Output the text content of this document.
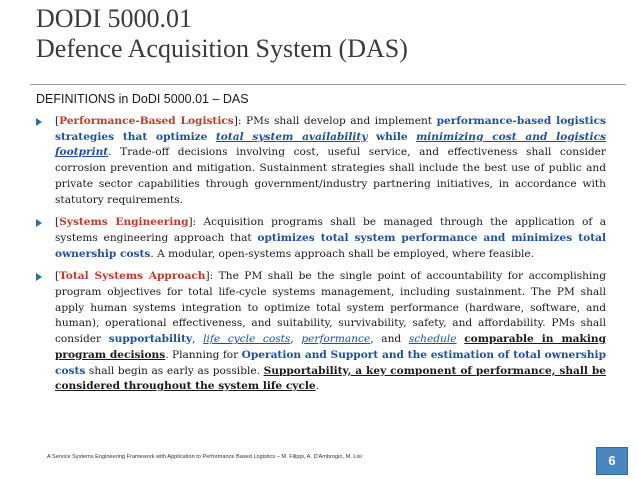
DODI 5000.01
Defence Acquisition System (DAS)
DEFINITIONS in DoDI 5000.01 – DAS
[Performance-Based Logistics]: PMs shall develop and implement performance-based logistics strategies that optimize total system availability while minimizing cost and logistics footprint. Trade-off decisions involving cost, useful service, and effectiveness shall consider corrosion prevention and mitigation. Sustainment strategies shall include the best use of public and private sector capabilities through government/industry partnering initiatives, in accordance with statutory requirements.
[Systems Engineering]: Acquisition programs shall be managed through the application of a systems engineering approach that optimizes total system performance and minimizes total ownership costs. A modular, open-systems approach shall be employed, where feasible.
[Total Systems Approach]: The PM shall be the single point of accountability for accomplishing program objectives for total life-cycle systems management, including sustainment. The PM shall apply human systems integration to optimize total system performance (hardware, software, and human), operational effectiveness, and suitability, survivability, safety, and affordability. PMs shall consider supportability, life cycle costs, performance, and schedule comparable in making program decisions. Planning for Operation and Support and the estimation of total ownership costs shall begin as early as possible. Supportability, a key component of performance, shall be considered throughout the system life cycle.
A Service Systems Engineering Framework with Application to Performance Based Logistics – M. Filippi, A. D'Ambrogio, M. Lisi	6
